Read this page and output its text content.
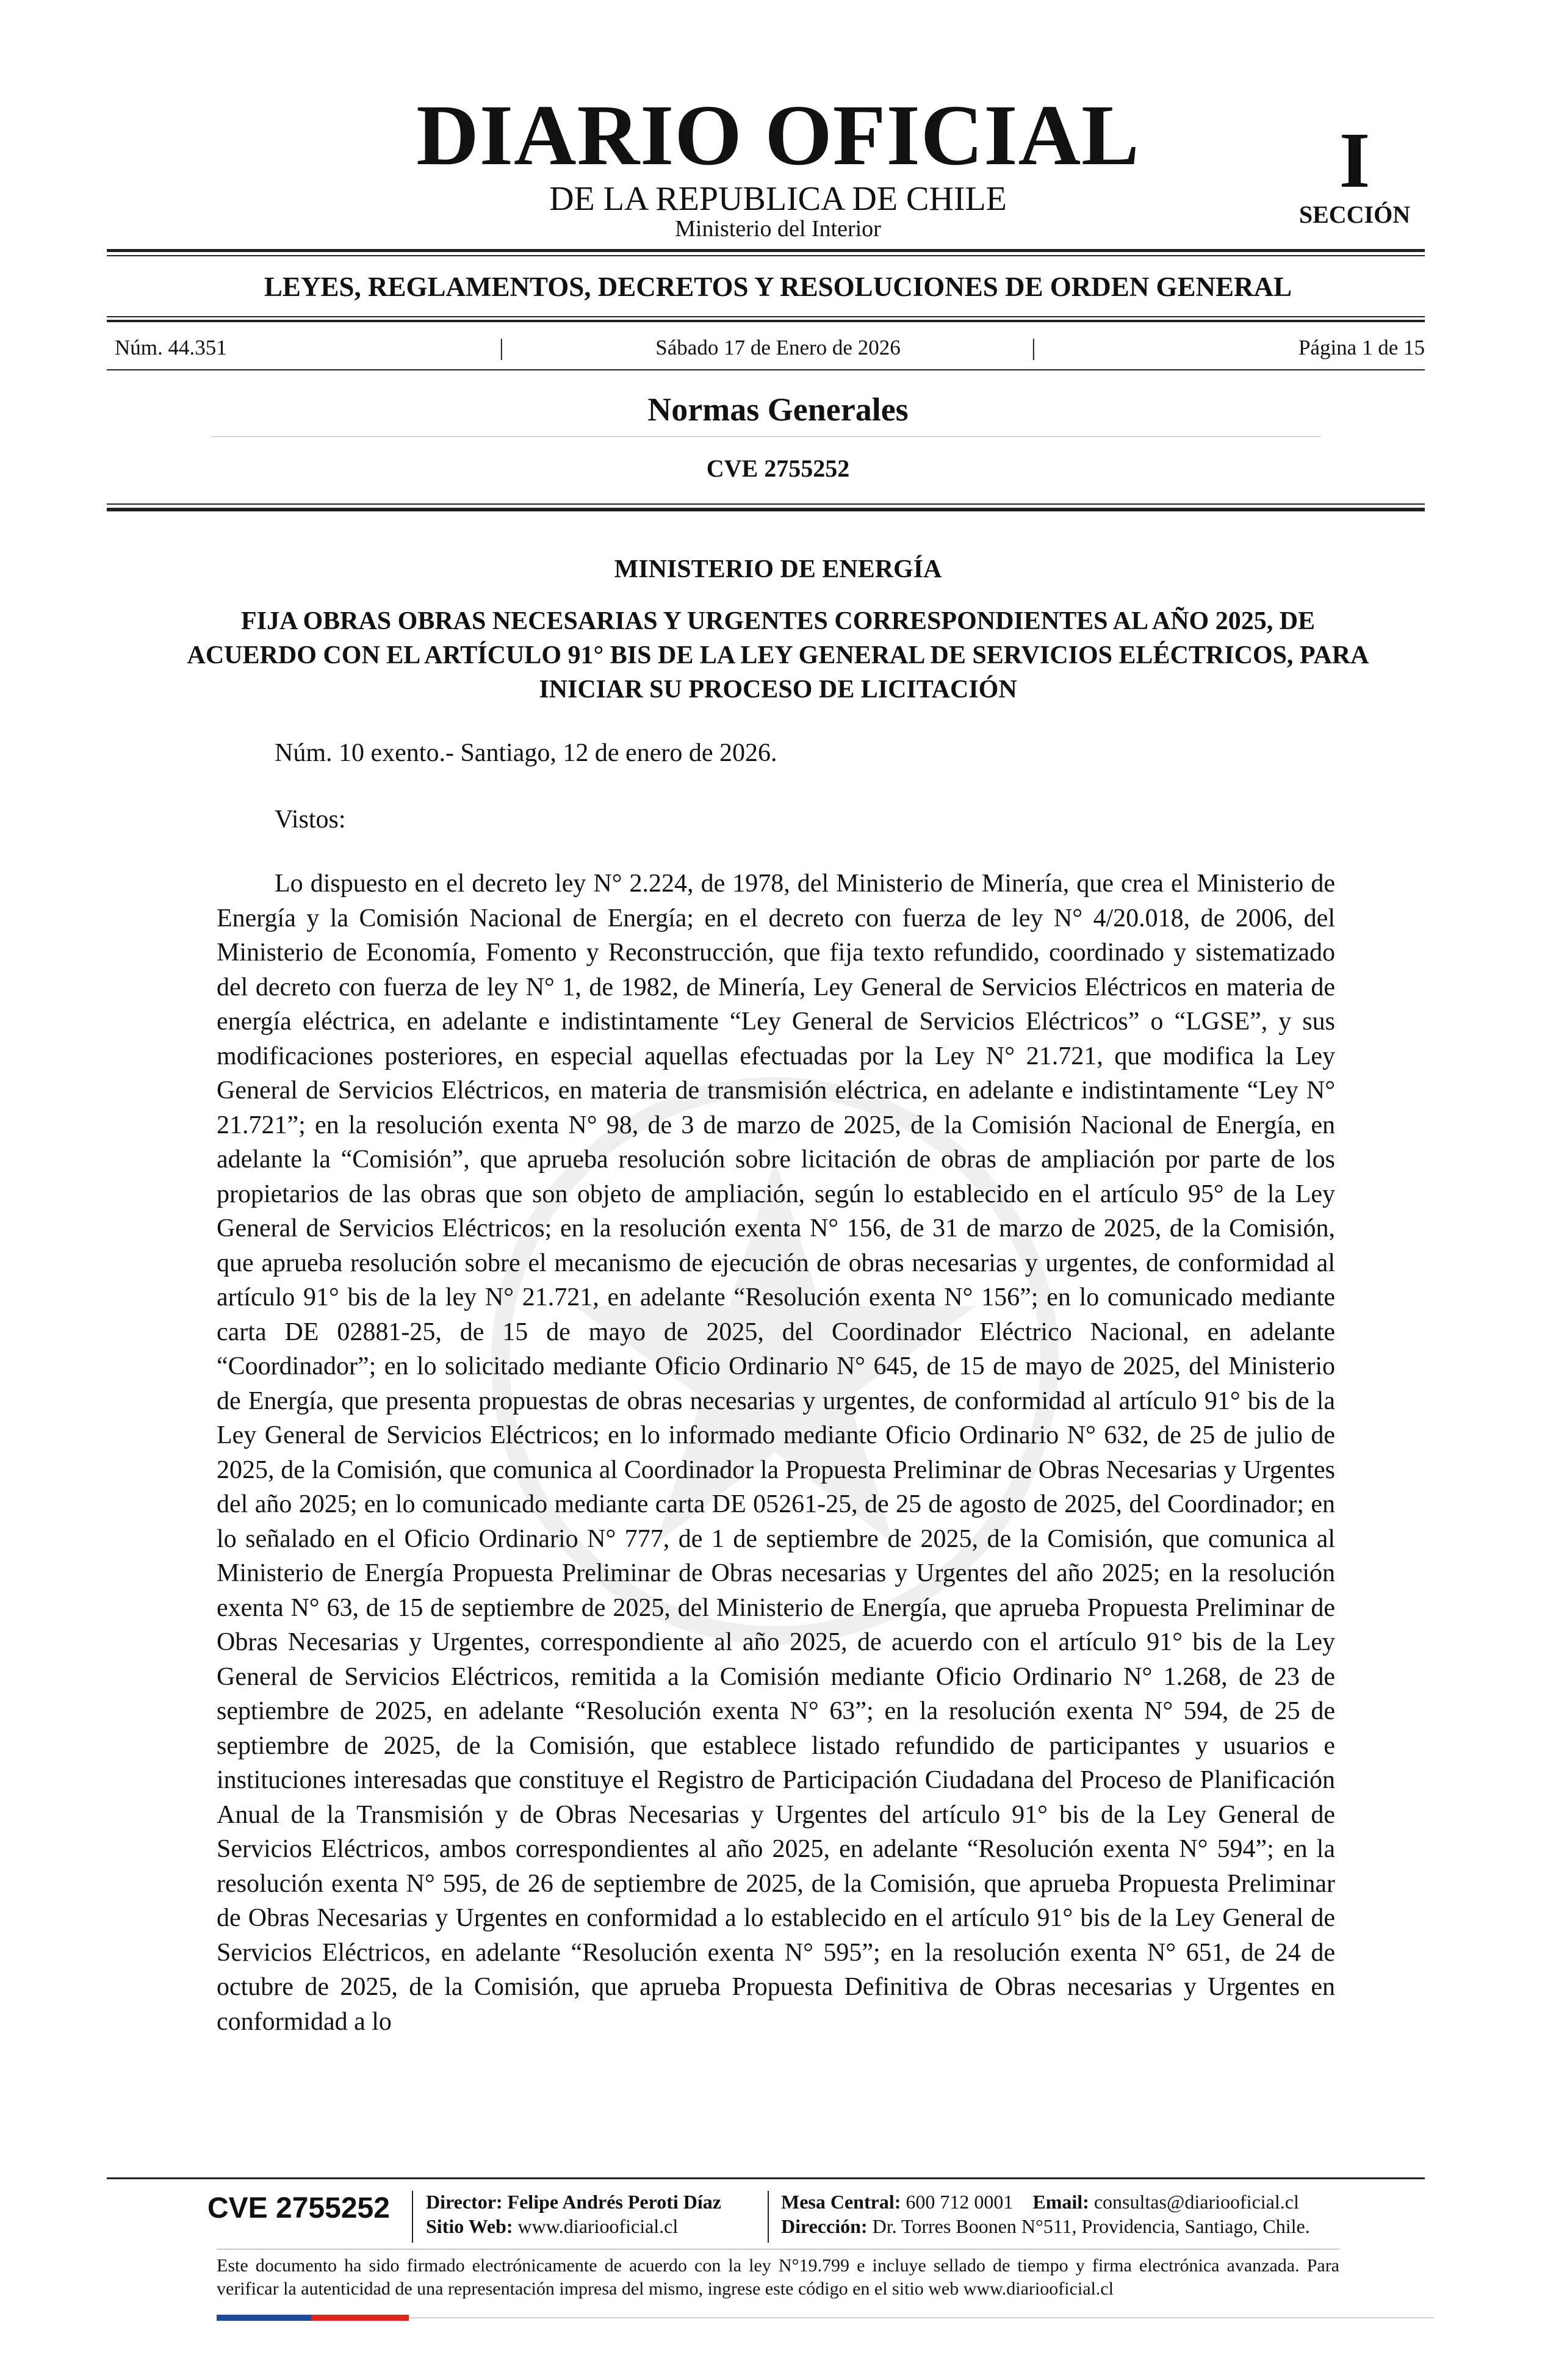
DIARIO OFICIAL
DE LA REPUBLICA DE CHILE
Ministerio del Interior
I
SECCIÓN
LEYES, REGLAMENTOS, DECRETOS Y RESOLUCIONES DE ORDEN GENERAL
Núm. 44.351	|	Sábado 17 de Enero de 2026	|	Página 1 de 15
Normas Generales
CVE 2755252
MINISTERIO DE ENERGÍA
FIJA OBRAS OBRAS NECESARIAS Y URGENTES CORRESPONDIENTES AL AÑO 2025, DE ACUERDO CON EL ARTÍCULO 91° BIS DE LA LEY GENERAL DE SERVICIOS ELÉCTRICOS, PARA INICIAR SU PROCESO DE LICITACIÓN
Núm. 10 exento.- Santiago, 12 de enero de 2026.
Vistos:
Lo dispuesto en el decreto ley N° 2.224, de 1978, del Ministerio de Minería, que crea el Ministerio de Energía y la Comisión Nacional de Energía; en el decreto con fuerza de ley N° 4/20.018, de 2006, del Ministerio de Economía, Fomento y Reconstrucción, que fija texto refundido, coordinado y sistematizado del decreto con fuerza de ley N° 1, de 1982, de Minería, Ley General de Servicios Eléctricos en materia de energía eléctrica, en adelante e indistintamente “Ley General de Servicios Eléctricos” o “LGSE”, y sus modificaciones posteriores, en especial aquellas efectuadas por la Ley N° 21.721, que modifica la Ley General de Servicios Eléctricos, en materia de transmisión eléctrica, en adelante e indistintamente “Ley N° 21.721”; en la resolución exenta N° 98, de 3 de marzo de 2025, de la Comisión Nacional de Energía, en adelante la “Comisión”, que aprueba resolución sobre licitación de obras de ampliación por parte de los propietarios de las obras que son objeto de ampliación, según lo establecido en el artículo 95° de la Ley General de Servicios Eléctricos; en la resolución exenta N° 156, de 31 de marzo de 2025, de la Comisión, que aprueba resolución sobre el mecanismo de ejecución de obras necesarias y urgentes, de conformidad al artículo 91° bis de la ley N° 21.721, en adelante “Resolución exenta N° 156”; en lo comunicado mediante carta DE 02881-25, de 15 de mayo de 2025, del Coordinador Eléctrico Nacional, en adelante “Coordinador”; en lo solicitado mediante Oficio Ordinario N° 645, de 15 de mayo de 2025, del Ministerio de Energía, que presenta propuestas de obras necesarias y urgentes, de conformidad al artículo 91° bis de la Ley General de Servicios Eléctricos; en lo informado mediante Oficio Ordinario N° 632, de 25 de julio de 2025, de la Comisión, que comunica al Coordinador la Propuesta Preliminar de Obras Necesarias y Urgentes del año 2025; en lo comunicado mediante carta DE 05261-25, de 25 de agosto de 2025, del Coordinador; en lo señalado en el Oficio Ordinario N° 777, de 1 de septiembre de 2025, de la Comisión, que comunica al Ministerio de Energía Propuesta Preliminar de Obras necesarias y Urgentes del año 2025; en la resolución exenta N° 63, de 15 de septiembre de 2025, del Ministerio de Energía, que aprueba Propuesta Preliminar de Obras Necesarias y Urgentes, correspondiente al año 2025, de acuerdo con el artículo 91° bis de la Ley General de Servicios Eléctricos, remitida a la Comisión mediante Oficio Ordinario N° 1.268, de 23 de septiembre de 2025, en adelante “Resolución exenta N° 63”; en la resolución exenta N° 594, de 25 de septiembre de 2025, de la Comisión, que establece listado refundido de participantes y usuarios e instituciones interesadas que constituye el Registro de Participación Ciudadana del Proceso de Planificación Anual de la Transmisión y de Obras Necesarias y Urgentes del artículo 91° bis de la Ley General de Servicios Eléctricos, ambos correspondientes al año 2025, en adelante “Resolución exenta N° 594”; en la resolución exenta N° 595, de 26 de septiembre de 2025, de la Comisión, que aprueba Propuesta Preliminar de Obras Necesarias y Urgentes en conformidad a lo establecido en el artículo 91° bis de la Ley General de Servicios Eléctricos, en adelante “Resolución exenta N° 595”; en la resolución exenta N° 651, de 24 de octubre de 2025, de la Comisión, que aprueba Propuesta Definitiva de Obras necesarias y Urgentes en conformidad a lo
CVE 2755252 Director: Felipe Andrés Peroti Díaz
Sitio Web: www.diariooficial.cl
Mesa Central: 600 712 0001 Email: consultas@diariooficial.cl
Dirección: Dr. Torres Boonen N°511, Providencia, Santiago, Chile.
Este documento ha sido firmado electrónicamente de acuerdo con la ley N°19.799 e incluye sellado de tiempo y firma electrónica avanzada. Para verificar la autenticidad de una representación impresa del mismo, ingrese este código en el sitio web www.diariooficial.cl
